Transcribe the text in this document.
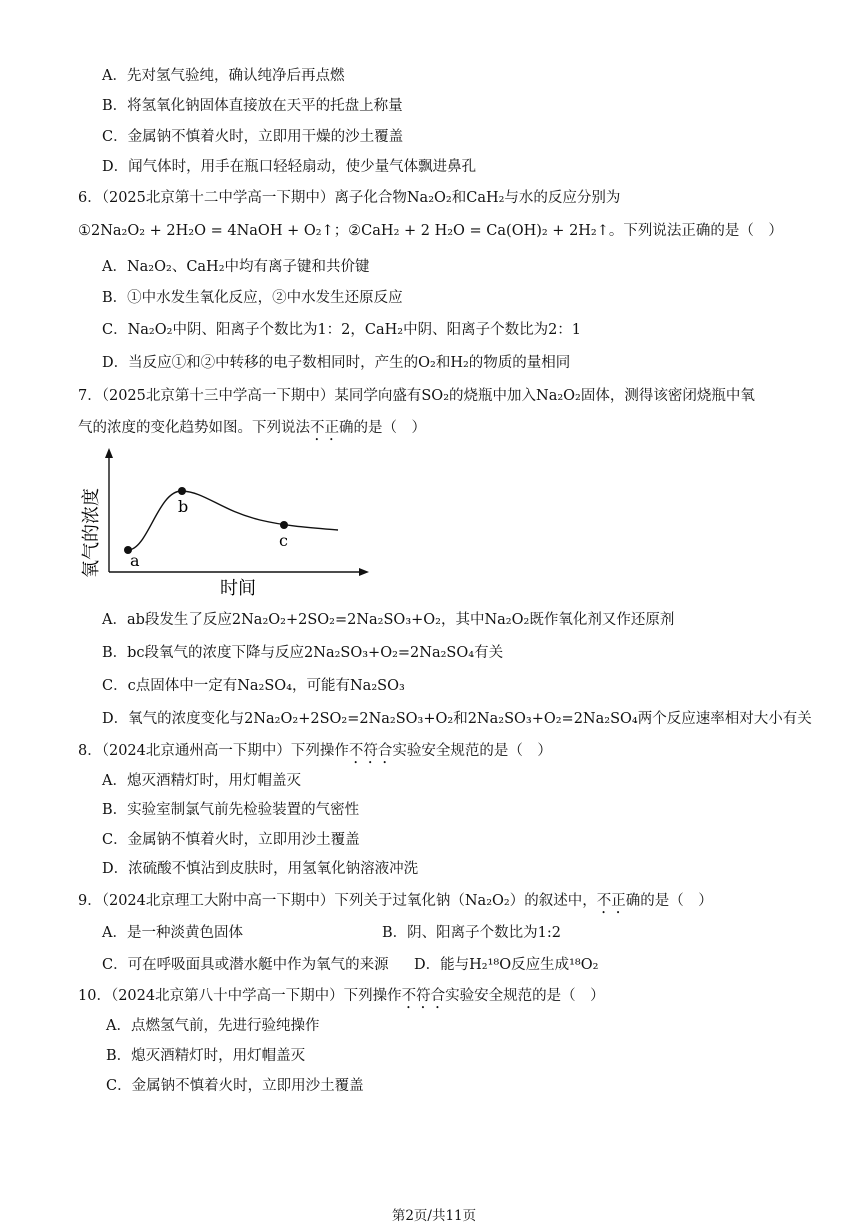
A．先对氢气验纯，确认纯净后再点燃
B．将氢氧化钠固体直接放在天平的托盘上称量
C．金属钠不慎着火时，立即用干燥的沙土覆盖
D．闻气体时，用手在瓶口轻轻扇动，使少量气体飘进鼻孔
6．（2025北京第十二中学高一下期中）离子化合物Na₂O₂和CaH₂与水的反应分别为
①2Na₂O₂ + 2H₂O = 4NaOH + O₂↑；②CaH₂ + 2 H₂O = Ca(OH)₂ + 2H₂↑。下列说法正确的是（　）
A．Na₂O₂、CaH₂中均有离子键和共价键
B．①中水发生氧化反应，②中水发生还原反应
C．Na₂O₂中阴、阳离子个数比为1：2，CaH₂中阴、阳离子个数比为2：1
D．当反应①和②中转移的电子数相同时，产生的O₂和H₂的物质的量相同
7．（2025北京第十三中学高一下期中）某同学向盛有SO₂的烧瓶中加入Na₂O₂固体，测得该密闭烧瓶中氧
气的浓度的变化趋势如图。下列说法不正确的是（　）
a
b
c
氧气的浓度
时间
A．ab段发生了反应2Na₂O₂+2SO₂=2Na₂SO₃+O₂，其中Na₂O₂既作氧化剂又作还原剂
B．bc段氧气的浓度下降与反应2Na₂SO₃+O₂=2Na₂SO₄有关
C．c点固体中一定有Na₂SO₄，可能有Na₂SO₃
D．氧气的浓度变化与2Na₂O₂+2SO₂=2Na₂SO₃+O₂和2Na₂SO₃+O₂=2Na₂SO₄两个反应速率相对大小有关
8．（2024北京通州高一下期中）下列操作不符合实验安全规范的是（　）
A．熄灭酒精灯时，用灯帽盖灭
B．实验室制氯气前先检验装置的气密性
C．金属钠不慎着火时，立即用沙土覆盖
D．浓硫酸不慎沾到皮肤时，用氢氧化钠溶液冲洗
9．（2024北京理工大附中高一下期中）下列关于过氧化钠（Na₂O₂）的叙述中，不正确的是（　）
A．是一种淡黄色固体	B．阴、阳离子个数比为1:2
C．可在呼吸面具或潜水艇中作为氧气的来源 D．能与H₂¹⁸O反应生成¹⁸O₂
10．（2024北京第八十中学高一下期中）下列操作不符合实验安全规范的是（　）
A．点燃氢气前，先进行验纯操作
B．熄灭酒精灯时，用灯帽盖灭
C．金属钠不慎着火时，立即用沙土覆盖
第2页/共11页
